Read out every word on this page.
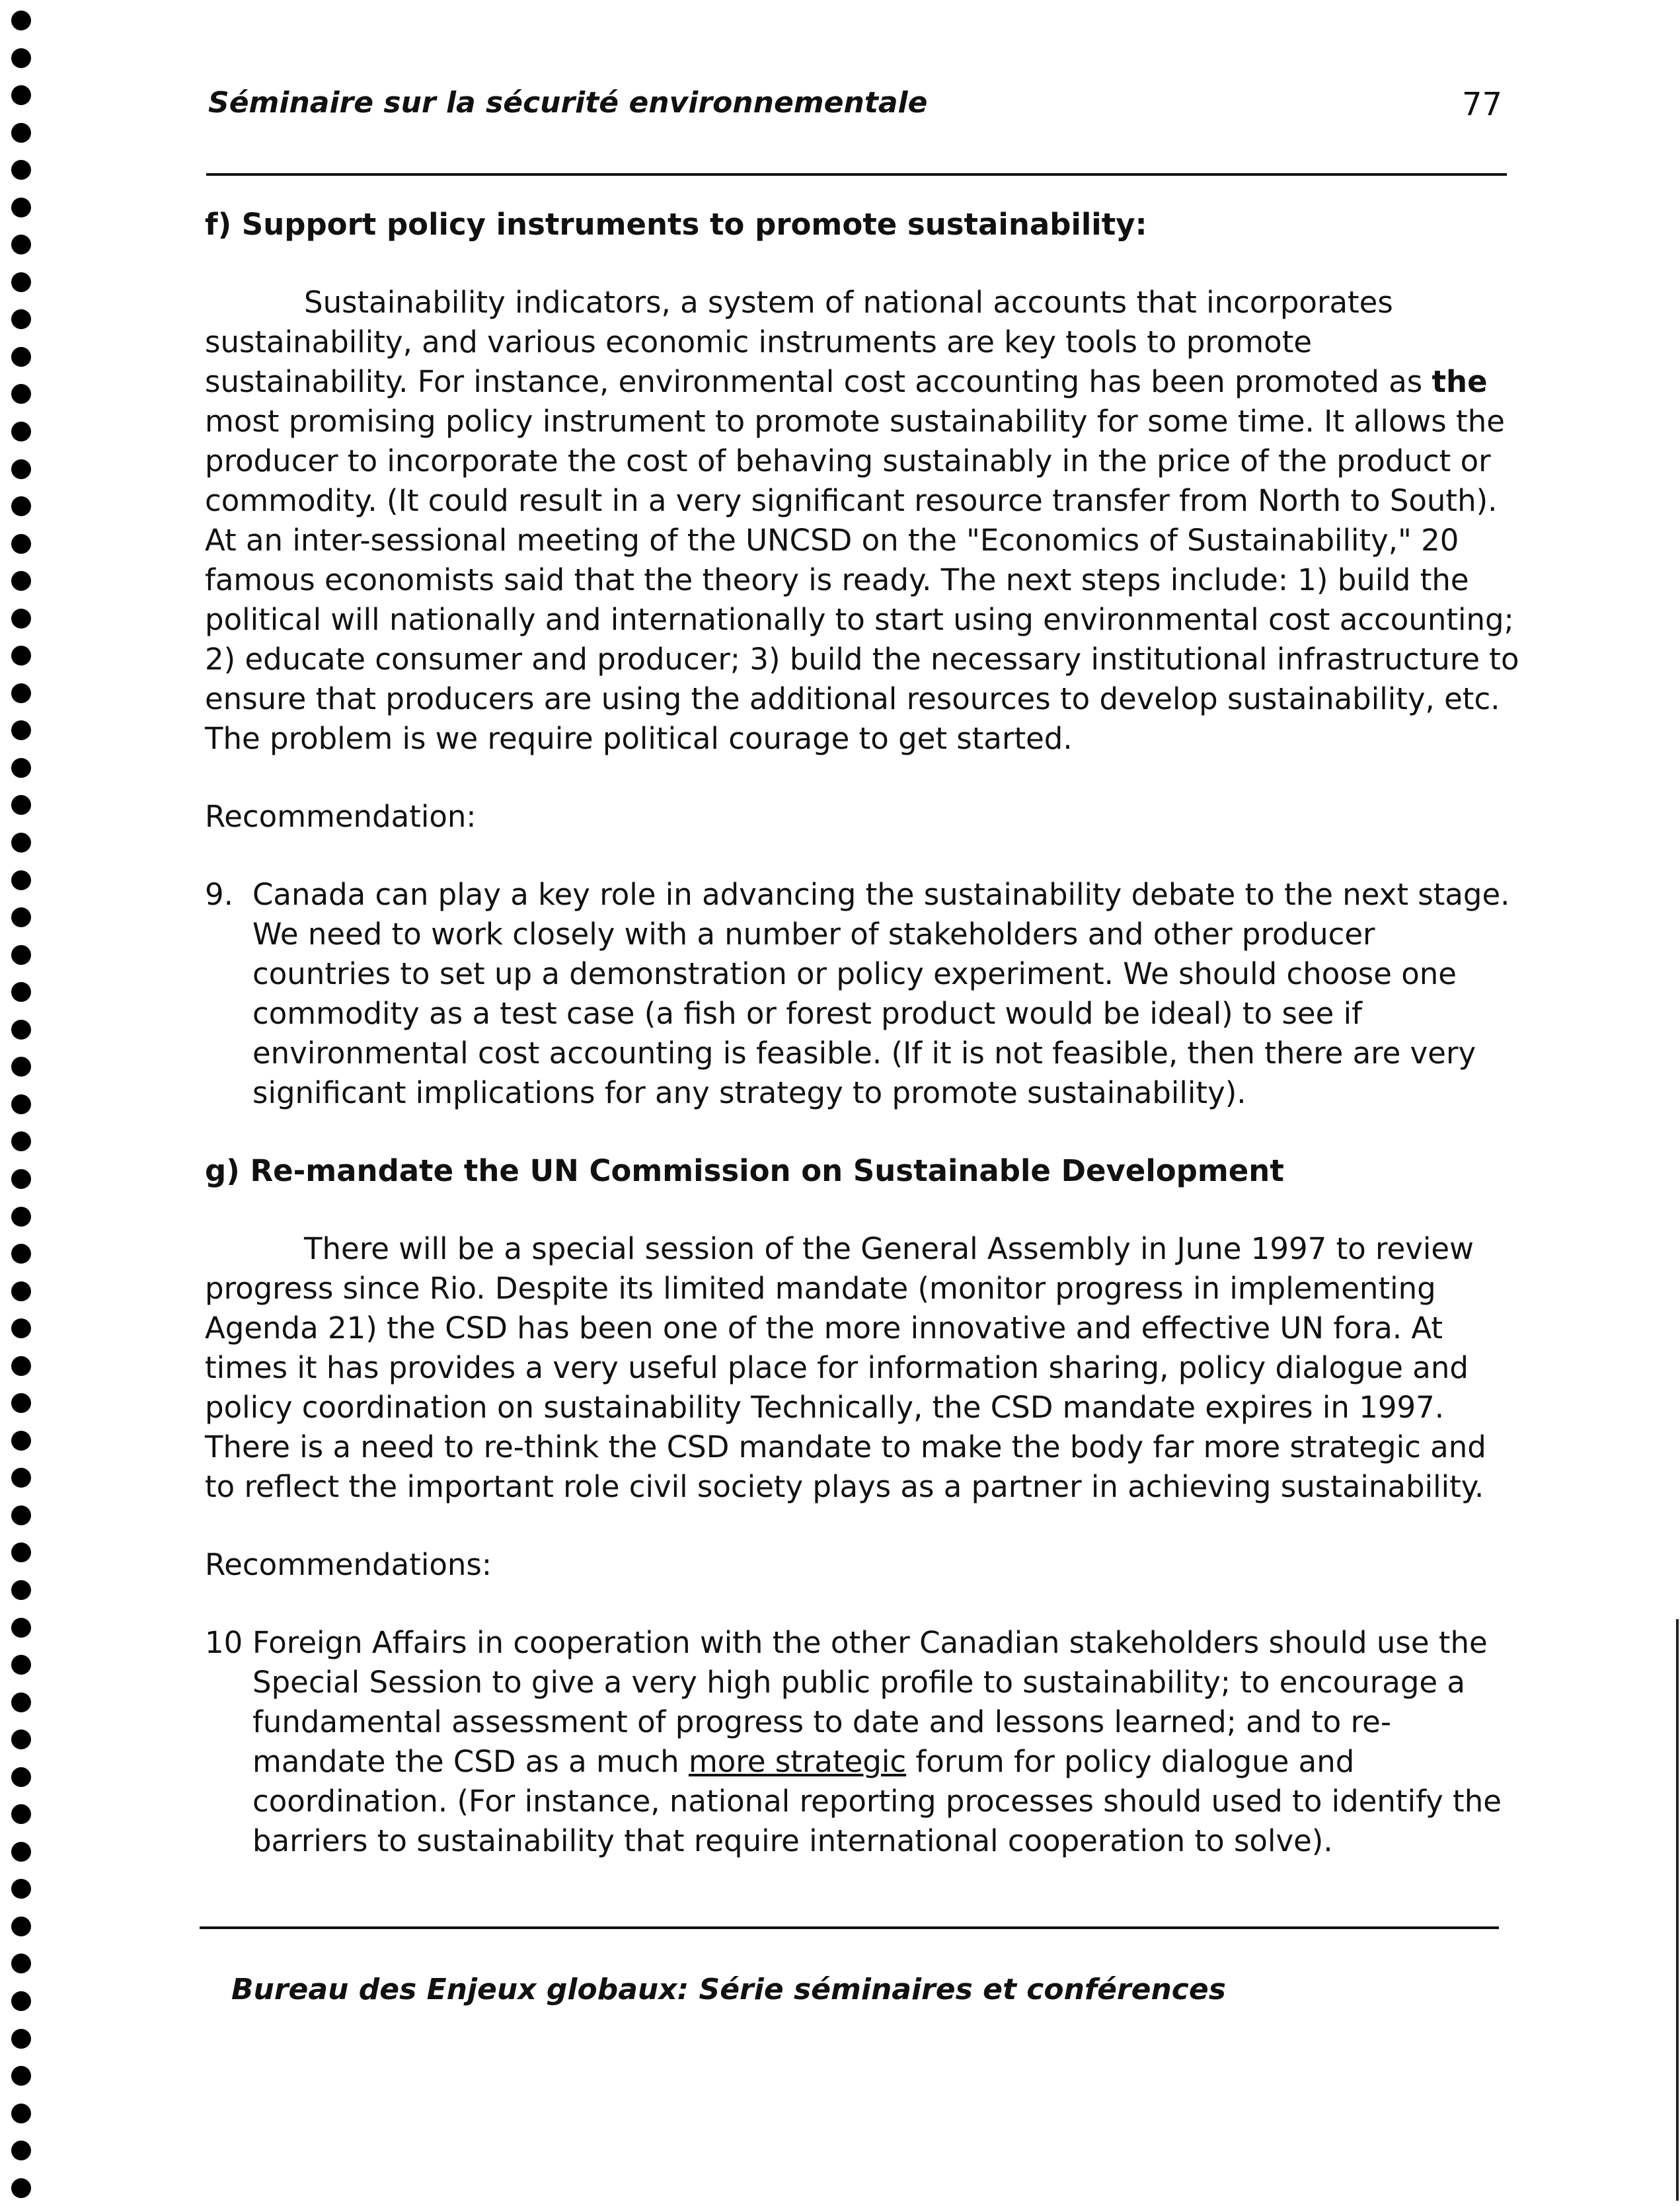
Séminaire sur la sécurité environnementale	77

f) Support policy instruments to promote sustainability:

Sustainability indicators, a system of national accounts that incorporates sustainability, and various economic instruments are key tools to promote sustainability. For instance, environmental cost accounting has been promoted as the most promising policy instrument to promote sustainability for some time. It allows the producer to incorporate the cost of behaving sustainably in the price of the product or commodity. (It could result in a very significant resource transfer from North to South). At an inter-sessional meeting of the UNCSD on the "Economics of Sustainability," 20 famous economists said that the theory is ready. The next steps include: 1) build the political will nationally and internationally to start using environmental cost accounting; 2) educate consumer and producer; 3) build the necessary institutional infrastructure to ensure that producers are using the additional resources to develop sustainability, etc. The problem is we require political courage to get started.

Recommendation:

9. Canada can play a key role in advancing the sustainability debate to the next stage. We need to work closely with a number of stakeholders and other producer countries to set up a demonstration or policy experiment. We should choose one commodity as a test case (a fish or forest product would be ideal) to see if environmental cost accounting is feasible. (If it is not feasible, then there are very significant implications for any strategy to promote sustainability).

g) Re-mandate the UN Commission on Sustainable Development

There will be a special session of the General Assembly in June 1997 to review progress since Rio. Despite its limited mandate (monitor progress in implementing Agenda 21) the CSD has been one of the more innovative and effective UN fora. At times it has provides a very useful place for information sharing, policy dialogue and policy coordination on sustainability Technically, the CSD mandate expires in 1997. There is a need to re-think the CSD mandate to make the body far more strategic and to reflect the important role civil society plays as a partner in achieving sustainability.

Recommendations:

10 Foreign Affairs in cooperation with the other Canadian stakeholders should use the Special Session to give a very high public profile to sustainability; to encourage a fundamental assessment of progress to date and lessons learned; and to re-mandate the CSD as a much more strategic forum for policy dialogue and coordination. (For instance, national reporting processes should used to identify the barriers to sustainability that require international cooperation to solve).
Bureau des Enjeux globaux: Série séminaires et conférences
